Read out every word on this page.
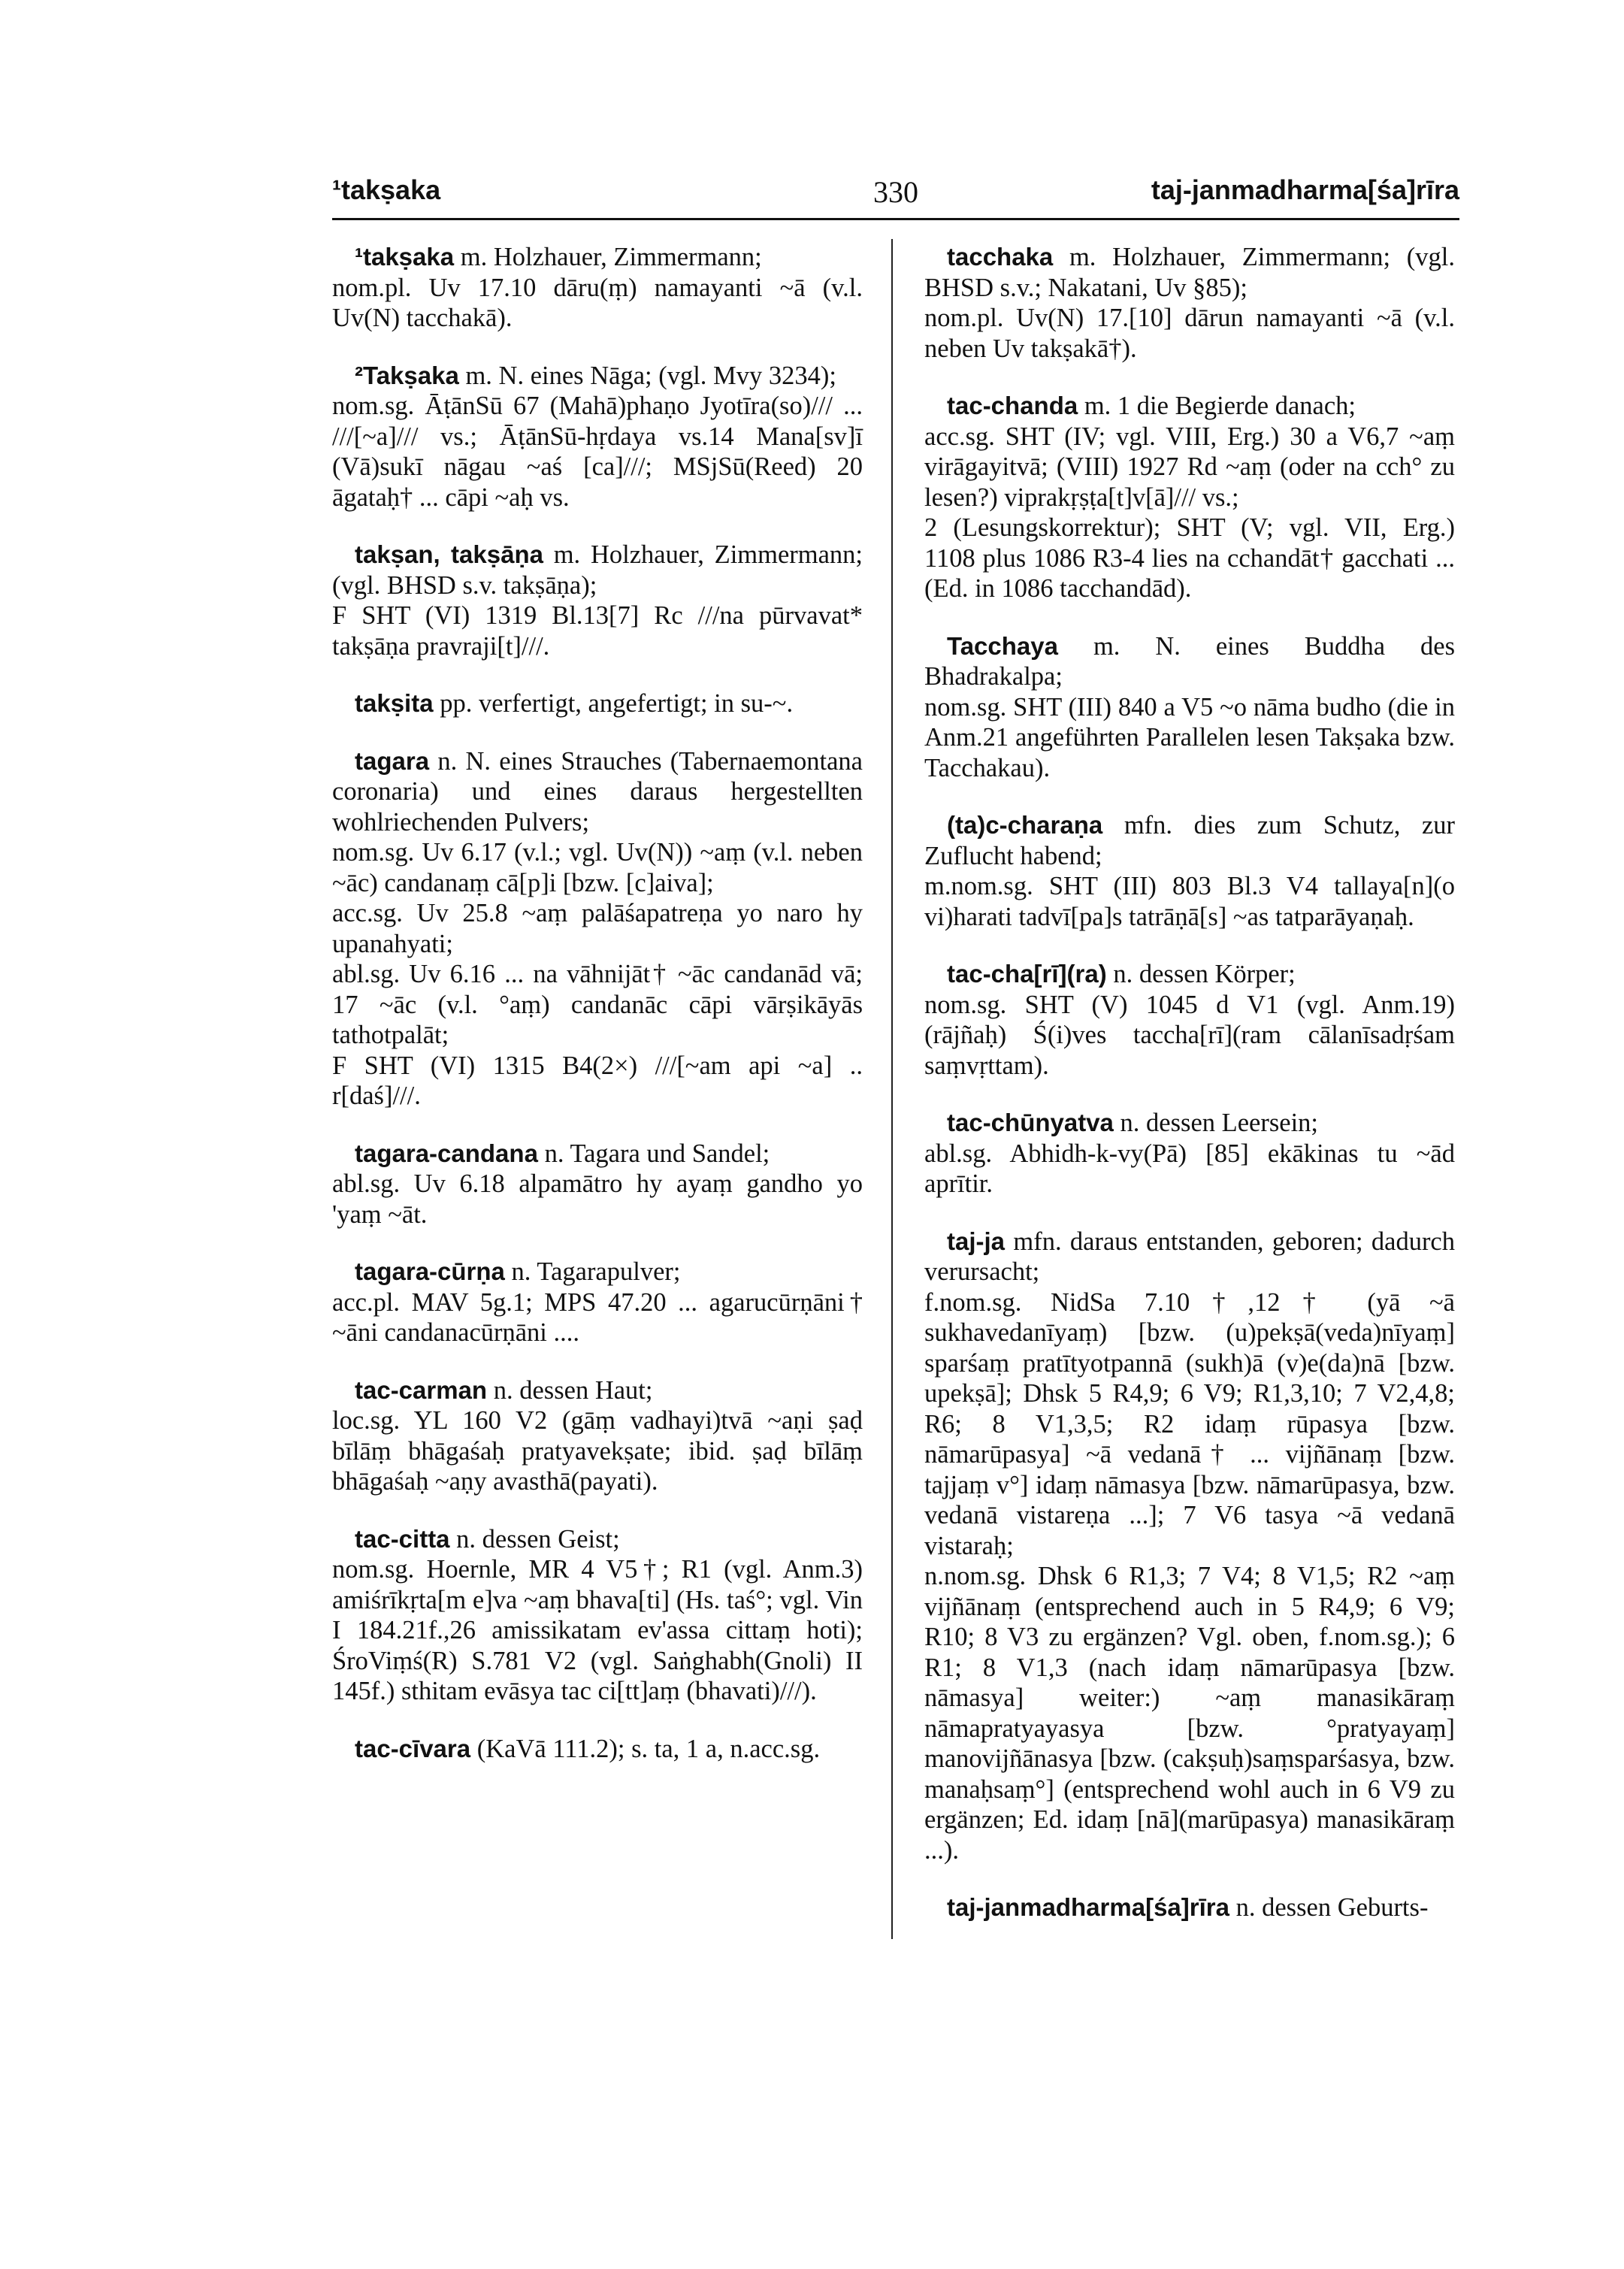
¹takṣaka	330	taj-janmadharma[śa]rīra

¹takṣaka m. Holzhauer, Zimmermann;

nom.pl. Uv 17.10 dāru(ṃ) namayanti ~ā (v.l. Uv(N) tacchakā).

²Takṣaka m. N. eines Nāga; (vgl. Mvy 3234);

nom.sg. ĀṭānSū 67 (Mahā)phaṇo Jyotīra(so)/// ... ///[~a]/// vs.; ĀṭānSū-hṛdaya vs.14 Mana[sv]ī (Vā)sukī nāgau ~aś [ca]///; MSjSū(Reed) 20 āgataḥ† ... cāpi ~aḥ vs.

takṣan, takṣāṇa m. Holzhauer, Zimmermann; (vgl. BHSD s.v. takṣāṇa);

F SHT (VI) 1319 Bl.13[7] Rc ///na pūrvavat* takṣāṇa pravraji[t]///.

takṣita pp. verfertigt, angefertigt; in su-~.

tagara n. N. eines Strauches (Tabernaemontana coronaria) und eines daraus hergestellten wohlriechenden Pulvers;

nom.sg. Uv 6.17 (v.l.; vgl. Uv(N)) ~aṃ (v.l. neben ~āc) candanaṃ cā[p]i [bzw. [c]aiva];

acc.sg. Uv 25.8 ~aṃ palāśapatreṇa yo naro hy upanahyati;

abl.sg. Uv 6.16 ... na vāhnijāt† ~āc candanād vā; 17 ~āc (v.l. °aṃ) candanāc cāpi vārṣikāyās tathotpalāt;

F SHT (VI) 1315 B4(2×) ///[~am api ~a] .. r[daś]///.

tagara-candana n. Tagara und Sandel;

abl.sg. Uv 6.18 alpamātro hy ayaṃ gandho yo 'yaṃ ~āt.

tagara-cūrṇa n. Tagarapulver;

acc.pl. MAV 5g.1; MPS 47.20 ... agarucūrṇāni† ~āni candanacūrṇāni ....

tac-carman n. dessen Haut;

loc.sg. YL 160 V2 (gāṃ vadhayi)tvā ~aṇi ṣaḍ bīlāṃ bhāgaśaḥ pratyavekṣate; ibid. ṣaḍ bīlāṃ bhāgaśaḥ ~aṇy avasthā(payati).

tac-citta n. dessen Geist;

nom.sg. Hoernle, MR 4 V5†; R1 (vgl. Anm.3) amiśrīkṛta[m e]va ~aṃ bhava[ti] (Hs. taś°; vgl. Vin I 184.21f.,26 amissikatam ev'assa cittaṃ hoti); ŚroViṃś(R) S.781 V2 (vgl. Saṅghabh(Gnoli) II 145f.) sthitam evāsya tac ci[tt]aṃ (bhavati)///).

tac-cīvara (KaVā 111.2); s. ta, 1 a, n.acc.sg.

tacchaka m. Holzhauer, Zimmermann; (vgl. BHSD s.v.; Nakatani, Uv §85);

nom.pl. Uv(N) 17.[10] dārun namayanti ~ā (v.l. neben Uv takṣakā†).

tac-chanda m. 1 die Begierde danach;

acc.sg. SHT (IV; vgl. VIII, Erg.) 30 a V6,7 ~aṃ virāgayitvā; (VIII) 1927 Rd ~aṃ (oder na cch° zu lesen?) viprakṛṣṭa[t]v[ā]/// vs.;

2 (Lesungskorrektur); SHT (V; vgl. VII, Erg.) 1108 plus 1086 R3-4 lies na cchandāt† gacchati ... (Ed. in 1086 tacchandād).

Tacchaya m. N. eines Buddha des Bhadrakalpa;

nom.sg. SHT (III) 840 a V5 ~o nāma budho (die in Anm.21 angeführten Parallelen lesen Takṣaka bzw. Tacchakau).

(ta)c-charaṇa mfn. dies zum Schutz, zur Zuflucht habend;

m.nom.sg. SHT (III) 803 Bl.3 V4 tallaya[n](o vi)harati tadvī[pa]s tatrāṇā[s] ~as tatparāyaṇaḥ.

tac-cha[rī](ra) n. dessen Körper;

nom.sg. SHT (V) 1045 d V1 (vgl. Anm.19) (rājñaḥ) Ś(i)ves taccha[rī](ram cālanīsadṛśam saṃvṛttam).

tac-chūnyatva n. dessen Leersein;

abl.sg. Abhidh-k-vy(Pā) [85] ekākinas tu ~ād aprītir.

taj-ja mfn. daraus entstanden, geboren; dadurch verursacht;

f.nom.sg. NidSa 7.10†,12† (yā ~ā sukhavedanīyaṃ) [bzw. (u)pekṣā(veda)nīyaṃ] sparśaṃ pratītyotpannā (sukh)ā (v)e(da)nā [bzw. upekṣā]; Dhsk 5 R4,9; 6 V9; R1,3,10; 7 V2,4,8; R6; 8 V1,3,5; R2 idaṃ rūpasya [bzw. nāmarūpasya] ~ā vedanā† ... vijñānaṃ [bzw. tajjaṃ v°] idaṃ nāmasya [bzw. nāmarūpasya, bzw. vedanā vistareṇa ...]; 7 V6 tasya ~ā vedanā vistaraḥ;

n.nom.sg. Dhsk 6 R1,3; 7 V4; 8 V1,5; R2 ~aṃ vijñānaṃ (entsprechend auch in 5 R4,9; 6 V9; R10; 8 V3 zu ergänzen? Vgl. oben, f.nom.sg.); 6 R1; 8 V1,3 (nach idaṃ nāmarūpasya [bzw. nāmasya] weiter:) ~aṃ manasikāraṃ nāmapratyayasya [bzw. °pratyayaṃ] manovijñānasya [bzw. (cakṣuḥ)saṃsparśasya, bzw. manaḥsaṃ°] (entsprechend wohl auch in 6 V9 zu ergänzen; Ed. idaṃ [nā](marūpasya) manasikāraṃ ...).

taj-janmadharma[śa]rīra n. dessen Geburts-
